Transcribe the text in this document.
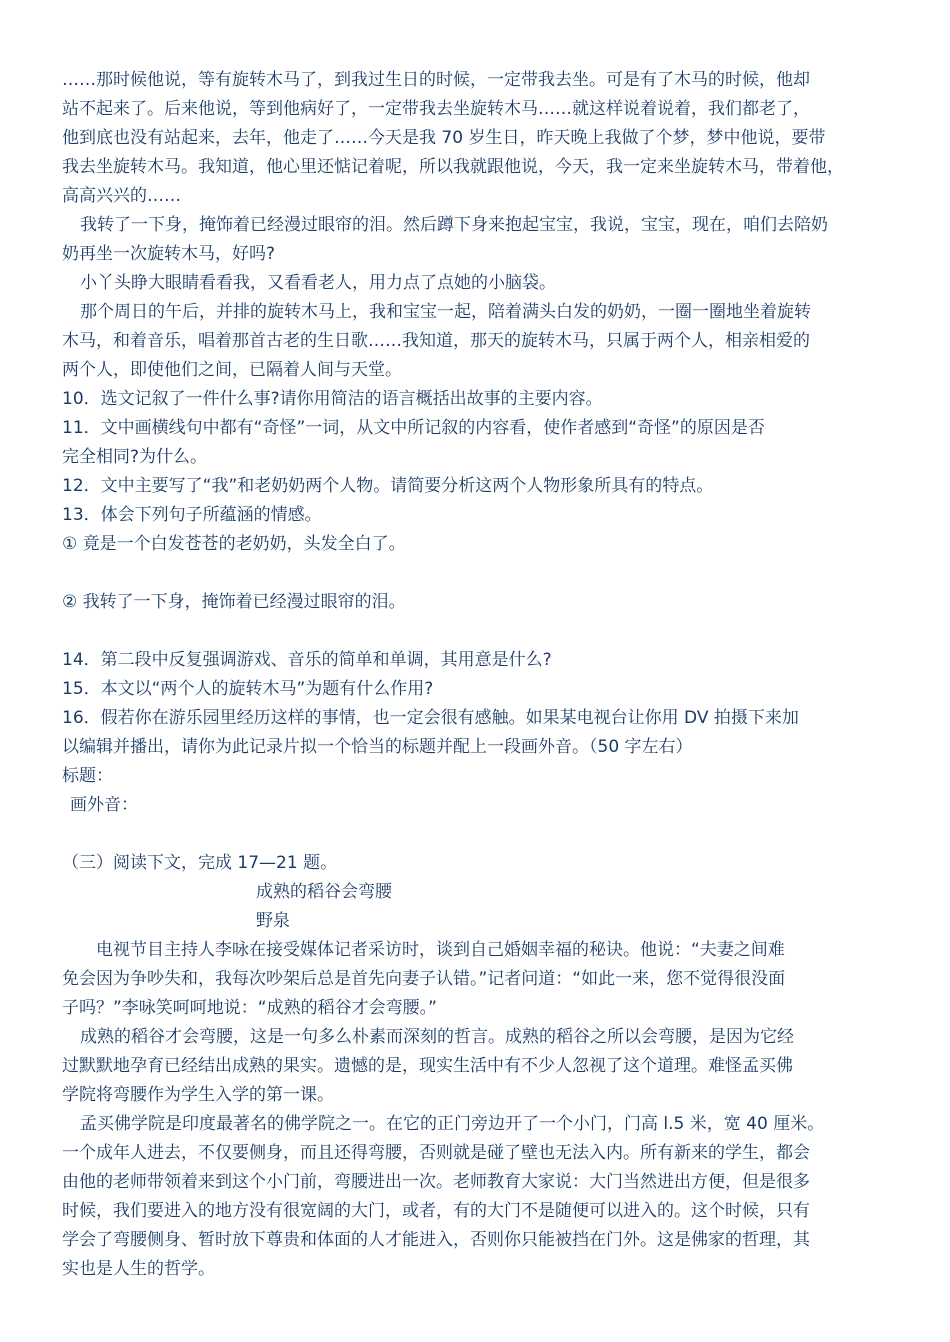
……那时候他说，等有旋转木马了，到我过生日的时候，一定带我去坐。可是有了木马的时候，他却
站不起来了。后来他说，等到他病好了，一定带我去坐旋转木马……就这样说着说着，我们都老了，
他到底也没有站起来，去年，他走了……今天是我 70 岁生日，昨天晚上我做了个梦，梦中他说，要带
我去坐旋转木马。我知道，他心里还惦记着呢，所以我就跟他说，今天，我一定来坐旋转木马，带着他，
高高兴兴的……
我转了一下身，掩饰着已经漫过眼帘的泪。然后蹲下身来抱起宝宝，我说，宝宝，现在，咱们去陪奶
奶再坐一次旋转木马，好吗?
小丫头睁大眼睛看看我，又看看老人，用力点了点她的小脑袋。
那个周日的午后，并排的旋转木马上，我和宝宝一起，陪着满头白发的奶奶，一圈一圈地坐着旋转
木马，和着音乐，唱着那首古老的生日歌……我知道，那天的旋转木马，只属于两个人，相亲相爱的
两个人，即使他们之间，已隔着人间与天堂。
10．选文记叙了一件什么事?请你用简洁的语言概括出故事的主要内容。
11．文中画横线句中都有“奇怪”一词，从文中所记叙的内容看，使作者感到“奇怪”的原因是否
完全相同?为什么。
12．文中主要写了“我”和老奶奶两个人物。请简要分析这两个人物形象所具有的特点。
13．体会下列句子所蕴涵的情感。
① 竟是一个白发苍苍的老奶奶，头发全白了。
② 我转了一下身，掩饰着已经漫过眼帘的泪。
14．第二段中反复强调游戏、音乐的简单和单调，其用意是什么?
15．本文以“两个人的旋转木马”为题有什么作用?
16．假若你在游乐园里经历这样的事情，也一定会很有感触。如果某电视台让你用 DV 拍摄下来加
以编辑并播出，请你为此记录片拟一个恰当的标题并配上一段画外音。（50 字左右）
标题：
画外音：
（三）阅读下文，完成 17—21 题。
成熟的稻谷会弯腰
野泉
电视节目主持人李咏在接受媒体记者采访时，谈到自己婚姻幸福的秘诀。他说：“夫妻之间难
免会因为争吵失和，我每次吵架后总是首先向妻子认错。”记者问道：“如此一来，您不觉得很没面
子吗？”李咏笑呵呵地说：“成熟的稻谷才会弯腰。”
成熟的稻谷才会弯腰，这是一句多么朴素而深刻的哲言。成熟的稻谷之所以会弯腰，是因为它经
过默默地孕育已经结出成熟的果实。遗憾的是，现实生活中有不少人忽视了这个道理。难怪孟买佛
学院将弯腰作为学生入学的第一课。
孟买佛学院是印度最著名的佛学院之一。在它的正门旁边开了一个小门，门高 l.5 米，宽 40 厘米。
一个成年人进去，不仅要侧身，而且还得弯腰，否则就是碰了壁也无法入内。所有新来的学生，都会
由他的老师带领着来到这个小门前，弯腰进出一次。老师教育大家说：大门当然进出方便，但是很多
时候，我们要进入的地方没有很宽阔的大门，或者，有的大门不是随便可以进入的。这个时候，只有
学会了弯腰侧身、暂时放下尊贵和体面的人才能进入，否则你只能被挡在门外。这是佛家的哲理，其
实也是人生的哲学。
